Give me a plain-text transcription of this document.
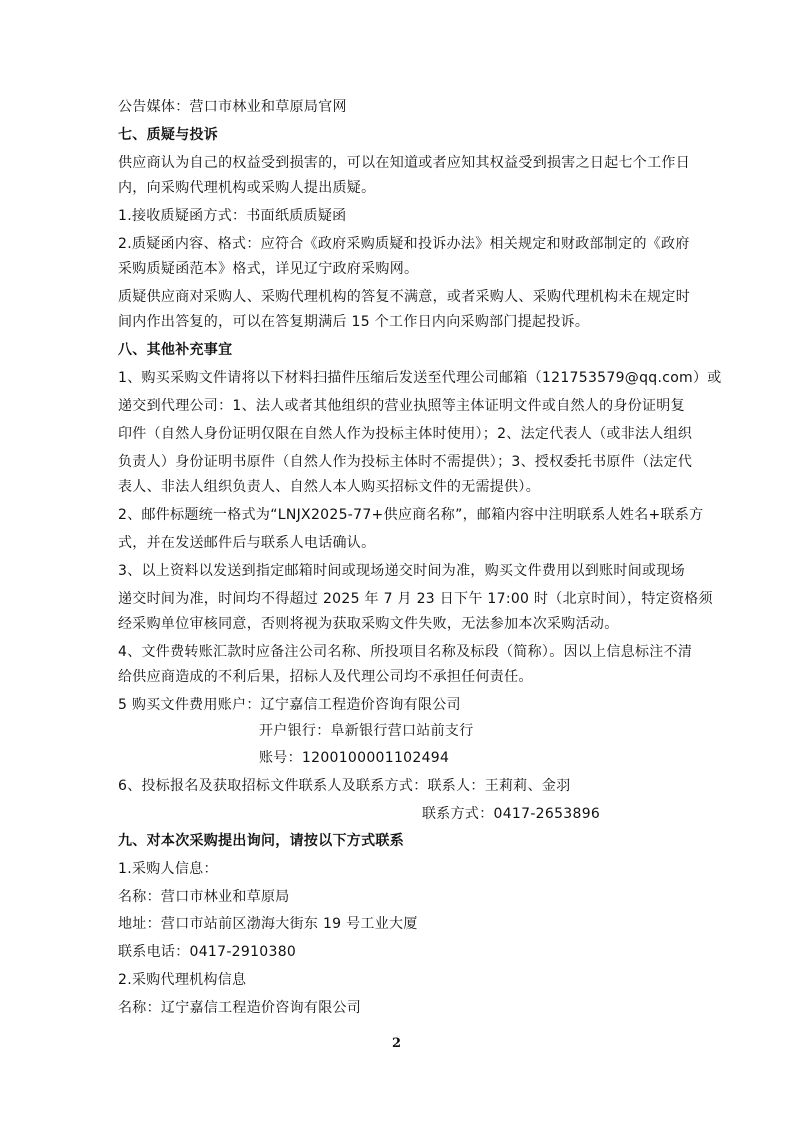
公告媒体：营口市林业和草原局官网
七、质疑与投诉
供应商认为自己的权益受到损害的，可以在知道或者应知其权益受到损害之日起七个工作日
内，向采购代理机构或采购人提出质疑。
1.接收质疑函方式：书面纸质质疑函
2.质疑函内容、格式：应符合《政府采购质疑和投诉办法》相关规定和财政部制定的《政府
采购质疑函范本》格式，详见辽宁政府采购网。
质疑供应商对采购人、采购代理机构的答复不满意，或者采购人、采购代理机构未在规定时
间内作出答复的，可以在答复期满后 15 个工作日内向采购部门提起投诉。
八、其他补充事宜
1、购买采购文件请将以下材料扫描件压缩后发送至代理公司邮箱（121753579@qq.com）或
递交到代理公司：1、法人或者其他组织的营业执照等主体证明文件或自然人的身份证明复
印件（自然人身份证明仅限在自然人作为投标主体时使用）；2、法定代表人（或非法人组织
负责人）身份证明书原件（自然人作为投标主体时不需提供）；3、授权委托书原件（法定代
表人、非法人组织负责人、自然人本人购买招标文件的无需提供）。
2、邮件标题统一格式为“LNJX2025-77+供应商名称”，邮箱内容中注明联系人姓名+联系方
式，并在发送邮件后与联系人电话确认。
3、以上资料以发送到指定邮箱时间或现场递交时间为准，购买文件费用以到账时间或现场
递交时间为准，时间均不得超过 2025 年 7 月 23 日下午 17:00 时（北京时间），特定资格须
经采购单位审核同意，否则将视为获取采购文件失败，无法参加本次采购活动。
4、文件费转账汇款时应备注公司名称、所投项目名称及标段（简称）。因以上信息标注不清
给供应商造成的不利后果，招标人及代理公司均不承担任何责任。
5 购买文件费用账户：辽宁嘉信工程造价咨询有限公司
开户银行：阜新银行营口站前支行
账号：1200100001102494
6、投标报名及获取招标文件联系人及联系方式：联系人：王莉莉、金羽
联系方式：0417-2653896
九、对本次采购提出询问，请按以下方式联系
1.采购人信息：
名称：营口市林业和草原局
地址：营口市站前区渤海大街东 19 号工业大厦
联系电话：0417-2910380
2.采购代理机构信息
名称：辽宁嘉信工程造价咨询有限公司
2
